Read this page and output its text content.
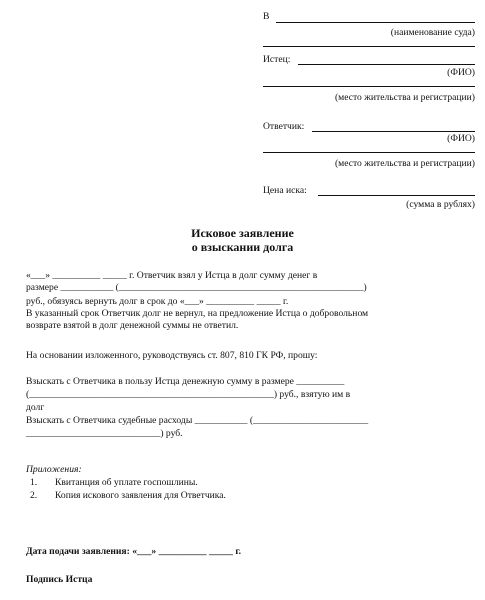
В
(наименование суда)
Истец:
(ФИО)
(место жительства и регистрации)
Ответчик:
(ФИО)
(место жительства и регистрации)
Цена иска:
(сумма в рублях)
Исковое заявление
о взыскании долга
«___» __________ _____ г. Ответчик взял у Истца в долг сумму денег в
размере ___________ (___________________________________________________)
руб., обязуясь вернуть долг в срок до «___» __________ _____ г.
В указанный срок Ответчик долг не вернул, на предложение Истца о добровольном
возврате взятой в долг денежной суммы не ответил.
На основании изложенного, руководствуясь ст. 807, 810 ГК РФ, прошу:
Взыскать с Ответчика в пользу Истца денежную сумму в размере __________
(___________________________________________________) руб., взятую им в
долг
Взыскать с Ответчика судебные расходы ___________ (________________________
____________________________) руб.
Приложения:
1. Квитанция об уплате госпошлины.
2. Копия искового заявления для Ответчика.
Дата подачи заявления: «___» __________ _____ г.
Подпись Истца
